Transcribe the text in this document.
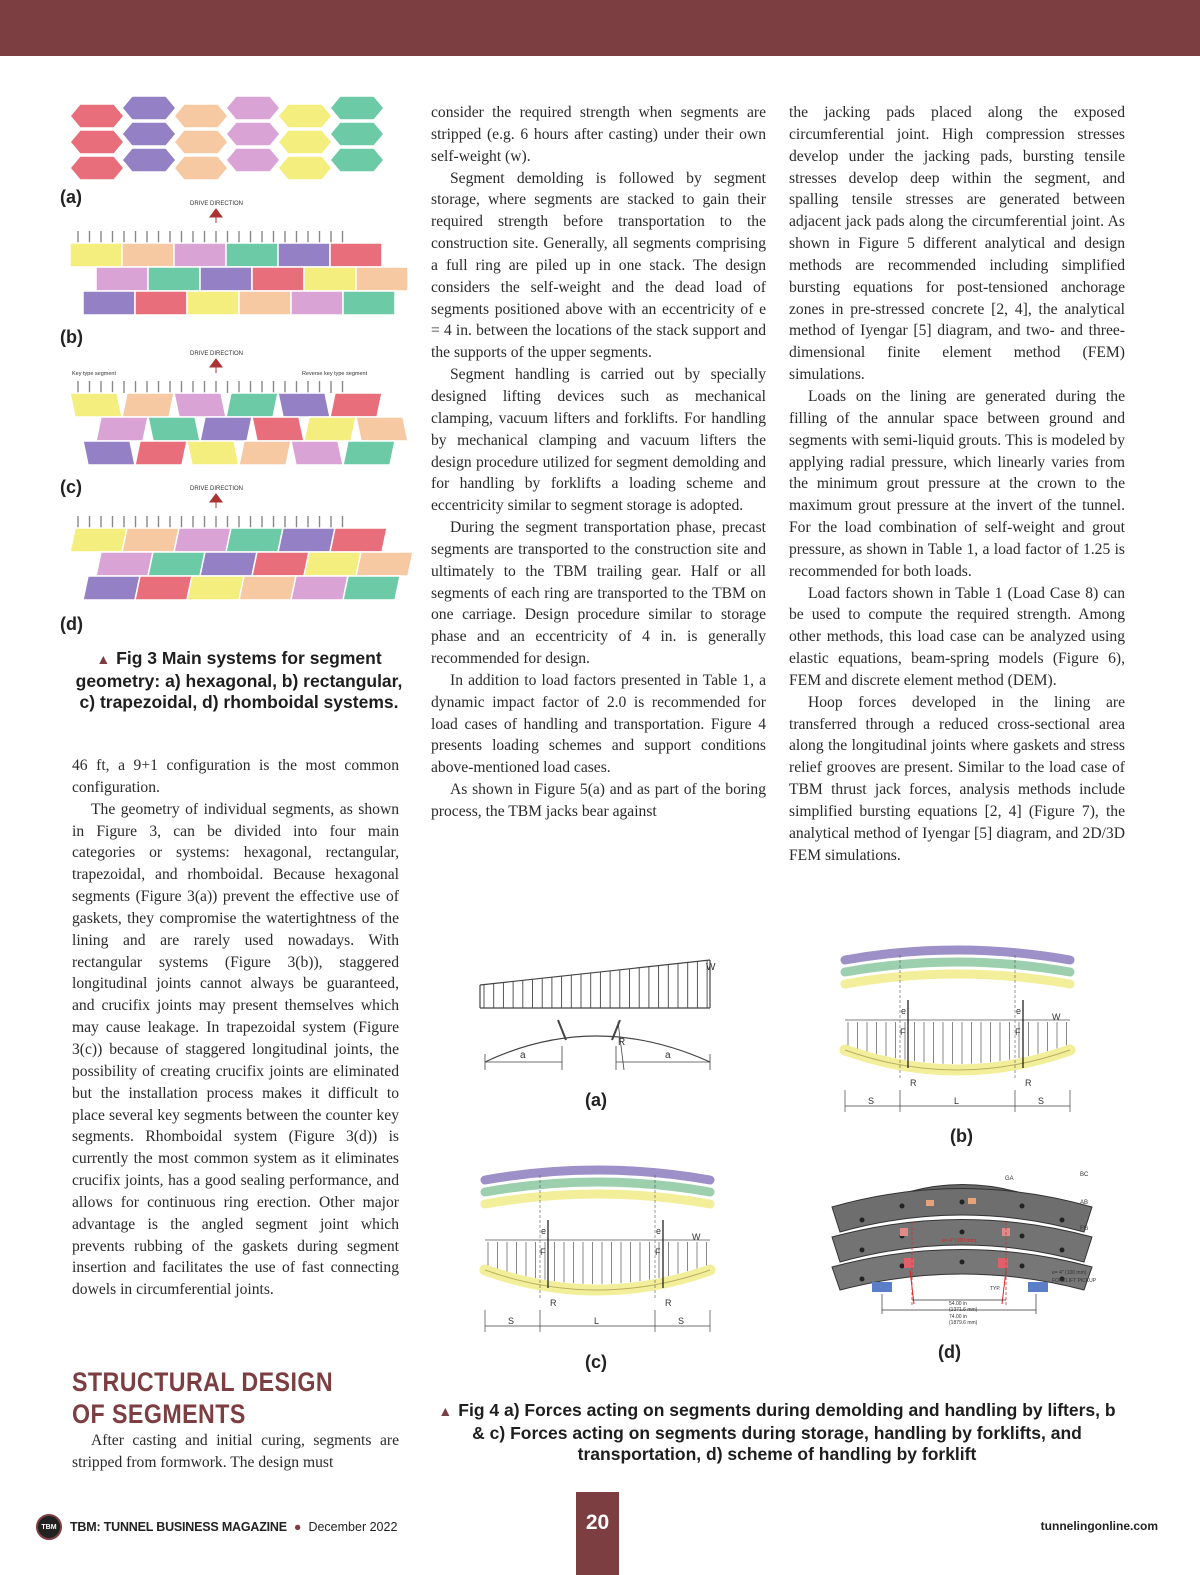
(a)	DRIVE DIRECTION
(b)
DRIVE DIRECTION
Key type segment	Reverse key type segment
(c)	DRIVE DIRECTION
(d)
▲ Fig 3 Main systems for segment geometry: a) hexagonal, b) rectangular, c) trapezoidal, d) rhomboidal systems.

46 ft, a 9+1 configuration is the most common configuration.

The geometry of individual segments, as shown in Figure 3, can be divided into four main categories or systems: hexagonal, rectangular, trapezoidal, and rhomboidal. Because hexagonal segments (Figure 3(a)) prevent the effective use of gaskets, they compromise the watertightness of the lining and are rarely used nowadays. With rectangular systems (Figure 3(b)), staggered longitudinal joints cannot always be guaranteed, and crucifix joints may present themselves which may cause leakage. In trapezoidal system (Figure 3(c)) because of staggered longitudinal joints, the possibility of creating crucifix joints are eliminated but the installation process makes it difficult to place several key segments between the counter key segments. Rhomboidal system (Figure 3(d)) is currently the most common system as it eliminates crucifix joints, has a good sealing performance, and allows for continuous ring erection. Other major advantage is the angled segment joint which prevents rubbing of the gaskets during segment insertion and facilitates the use of fast connecting dowels in circumferential joints.

STRUCTURAL DESIGN
OF SEGMENTS

After casting and initial curing, segments are stripped from formwork. The design must

consider the required strength when segments are stripped (e.g. 6 hours after casting) under their own self-weight (w).

Segment demolding is followed by segment storage, where segments are stacked to gain their required strength before transportation to the construction site. Generally, all segments comprising a full ring are piled up in one stack. The design considers the self-weight and the dead load of segments positioned above with an eccentricity of e = 4 in. between the locations of the stack support and the supports of the upper segments.

Segment handling is carried out by specially designed lifting devices such as mechanical clamping, vacuum lifters and forklifts. For handling by mechanical clamping and vacuum lifters the design procedure utilized for segment demolding and for handling by forklifts a loading scheme and eccentricity similar to segment storage is adopted.

During the segment transportation phase, precast segments are transported to the construction site and ultimately to the TBM trailing gear. Half or all segments of each ring are transported to the TBM on one carriage. Design procedure similar to storage phase and an eccentricity of 4 in. is generally recommended for design.

In addition to load factors presented in Table 1, a dynamic impact factor of 2.0 is recommended for load cases of handling and transportation. Figure 4 presents loading schemes and support conditions above-mentioned load cases.

As shown in Figure 5(a) and as part of the boring process, the TBM jacks bear against

the jacking pads placed along the exposed circumferential joint. High compression stresses develop under the jacking pads, bursting tensile stresses develop deep within the segment, and spalling tensile stresses are generated between adjacent jack pads along the circumferential joint. As shown in Figure 5 different analytical and design methods are recommended including simplified bursting equations for post-tensioned anchorage zones in pre-stressed concrete [2, 4], the analytical method of Iyengar [5] diagram, and two- and three-dimensional finite element method (FEM) simulations.

Loads on the lining are generated during the filling of the annular space between ground and segments with semi-liquid grouts. This is modeled by applying radial pressure, which linearly varies from the minimum grout pressure at the crown to the maximum grout pressure at the invert of the tunnel. For the load combination of self-weight and grout pressure, as shown in Table 1, a load factor of 1.25 is recommended for both loads.

Load factors shown in Table 1 (Load Case 8) can be used to compute the required strength. Among other methods, this load case can be analyzed using elastic equations, beam-spring models (Figure 6), FEM and discrete element method (DEM).

Hoop forces developed in the lining are transferred through a reduced cross-sectional area along the longitudinal joints where gaskets and stress relief grooves are present. Similar to the load case of TBM thrust jack forces, analysis methods include simplified bursting equations [2, 4] (Figure 7), the analytical method of Iyengar [5] diagram, and 2D/3D FEM simulations.

W
a	a
R
(a)
F
e
R
F
e
R
W
S	L	S
(b)
F
e
R
F
e
R
W
S	L	S
(c)
GA
BC
AB
FG
e= 4" (100 mm)
e= 4" (100 mm)
FORKLIFT PICKUP
54.00 in
(1371.6 mm)
74.00 in
(1879.6 mm)
TYP.
(d)
▲ Fig 4 a) Forces acting on segments during demolding and handling by lifters, b & c) Forces acting on segments during storage, handling by forklifts, and transportation, d) scheme of handling by forklift
TBM	TBM: TUNNEL BUSINESS MAGAZINE ● December 2022	20	tunnelingonline.com
